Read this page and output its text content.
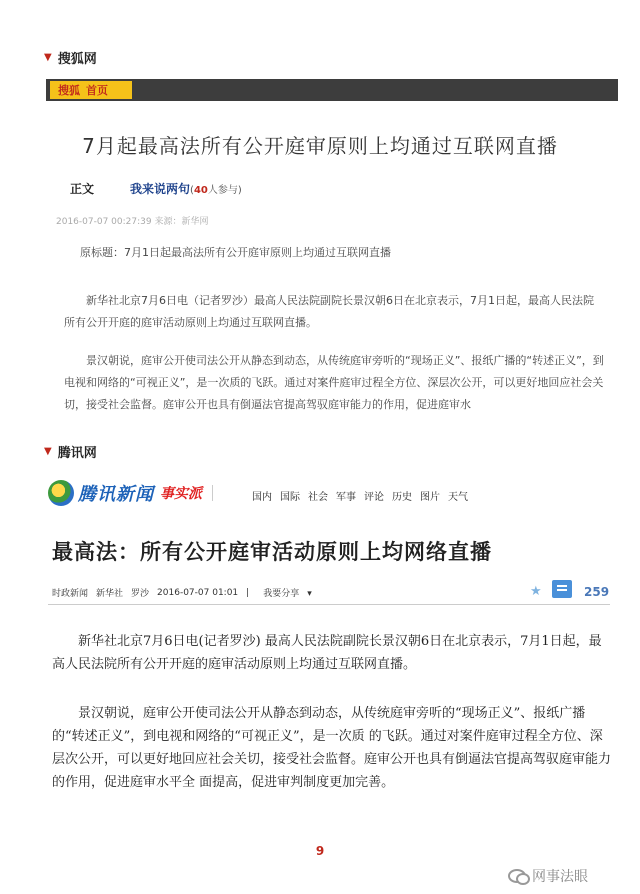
▼ 搜狐网
搜狐 首页
7月起最高法所有公开庭审原则上均通过互联网直播
正文	我来说两句 (40人参与)
2016-07-07 00:27:39 来源：新华网
原标题：7月1日起最高法所有公开庭审原则上均通过互联网直播
新华社北京7月6日电（记者罗沙）最高人民法院副院长景汉朝6日在北京表示，7月1日起，最高人民法院所有公开开庭的庭审活动原则上均通过互联网直播。
景汉朝说，庭审公开使司法公开从静态到动态，从传统庭审旁听的“现场正义”、报纸广播的“转述正义”，到电视和网络的“可视正义”，是一次质的飞跃。通过对案件庭审过程全方位、深层次公开，可以更好地回应社会关切，接受社会监督。庭审公开也具有倒逼法官提高驾驭庭审能力的作用，促进庭审水
▼ 腾讯网
腾讯新闻 事实派	国内 国际 社会 军事 评论 历史 图片 天气
最高法：所有公开庭审活动原则上均网络直播
时政新闻 新华社 罗沙 2016-07-07 01:01 | 我要分享 ▾	★	259
新华社北京7月6日电(记者罗沙) 最高人民法院副院长景汉朝6日在北京表示，7月1日起，最高人民法院所有公开开庭的庭审活动原则上均通过互联网直播。
景汉朝说，庭审公开使司法公开从静态到动态，从传统庭审旁听的“现场正义”、报纸广播的“转述正义”，到电视和网络的“可视正义”，是一次质 的飞跃。通过对案件庭审过程全方位、深层次公开，可以更好地回应社会关切，接受社会监督。庭审公开也具有倒逼法官提高驾驭庭审能力的作用，促进庭审水平全 面提高，促进审判制度更加完善。
9
网事法眼
